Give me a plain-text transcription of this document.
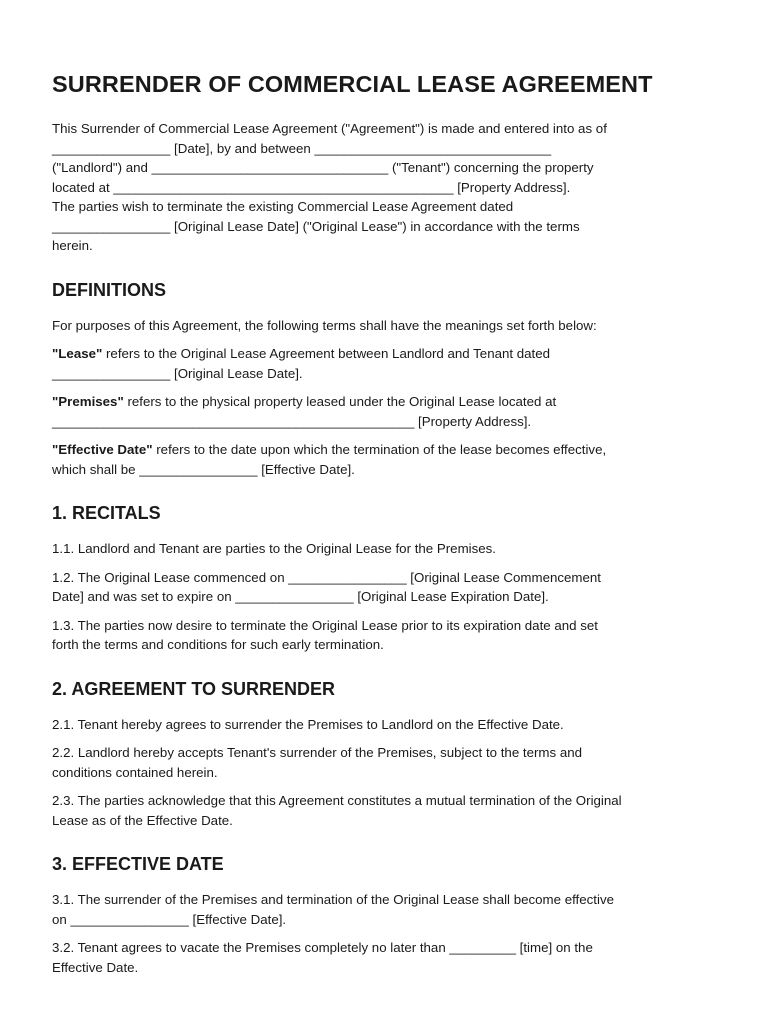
SURRENDER OF COMMERCIAL LEASE AGREEMENT

This Surrender of Commercial Lease Agreement ("Agreement") is made and entered into as of
________________ [Date], by and between ________________________________
("Landlord") and ________________________________ ("Tenant") concerning the property
located at ______________________________________________ [Property Address].
The parties wish to terminate the existing Commercial Lease Agreement dated
________________ [Original Lease Date] ("Original Lease") in accordance with the terms
herein.

DEFINITIONS

For purposes of this Agreement, the following terms shall have the meanings set forth below:

"Lease" refers to the Original Lease Agreement between Landlord and Tenant dated
________________ [Original Lease Date].

"Premises" refers to the physical property leased under the Original Lease located at
_________________________________________________ [Property Address].

"Effective Date" refers to the date upon which the termination of the lease becomes effective,
which shall be ________________ [Effective Date].

1. RECITALS

1.1. Landlord and Tenant are parties to the Original Lease for the Premises.

1.2. The Original Lease commenced on ________________ [Original Lease Commencement
Date] and was set to expire on ________________ [Original Lease Expiration Date].

1.3. The parties now desire to terminate the Original Lease prior to its expiration date and set
forth the terms and conditions for such early termination.

2. AGREEMENT TO SURRENDER

2.1. Tenant hereby agrees to surrender the Premises to Landlord on the Effective Date.

2.2. Landlord hereby accepts Tenant's surrender of the Premises, subject to the terms and
conditions contained herein.

2.3. The parties acknowledge that this Agreement constitutes a mutual termination of the Original
Lease as of the Effective Date.

3. EFFECTIVE DATE

3.1. The surrender of the Premises and termination of the Original Lease shall become effective
on ________________ [Effective Date].

3.2. Tenant agrees to vacate the Premises completely no later than _________ [time] on the
Effective Date.
